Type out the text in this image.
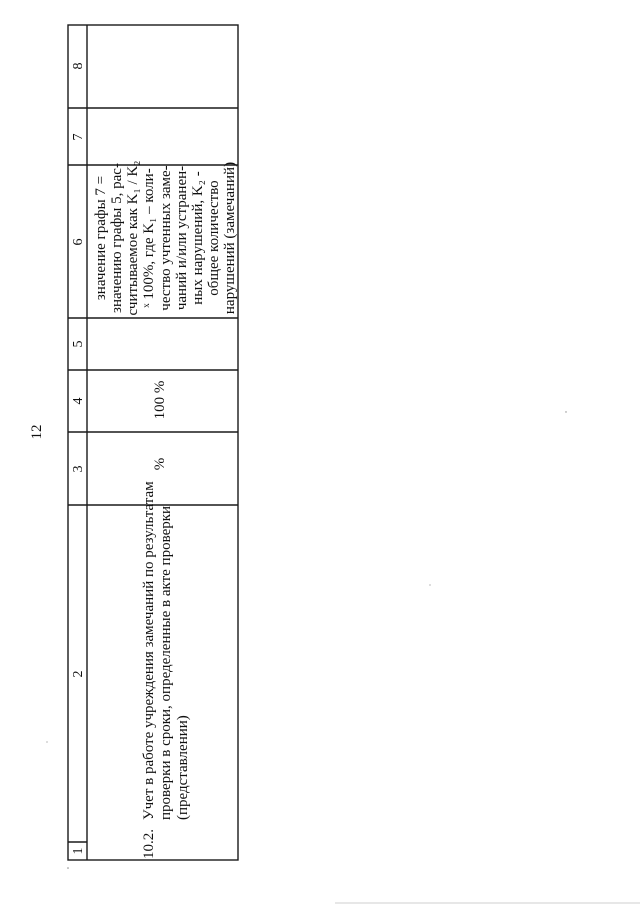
12
1
2
3
4
5
6
7
8
10.2.
Учет в работе учреждения замечаний по результатам проверки в сроки, определенные в акте проверки (представлении)
%
100 %
значение графы 7 = значению графы 5, рас- считываемое как K₁ / K₂ ˣ 100%, где K₁ – коли- чество учтенных заме- чаний и/или устранен- ных нарушений, K₂ - общее количество нарушений (замечаний)
